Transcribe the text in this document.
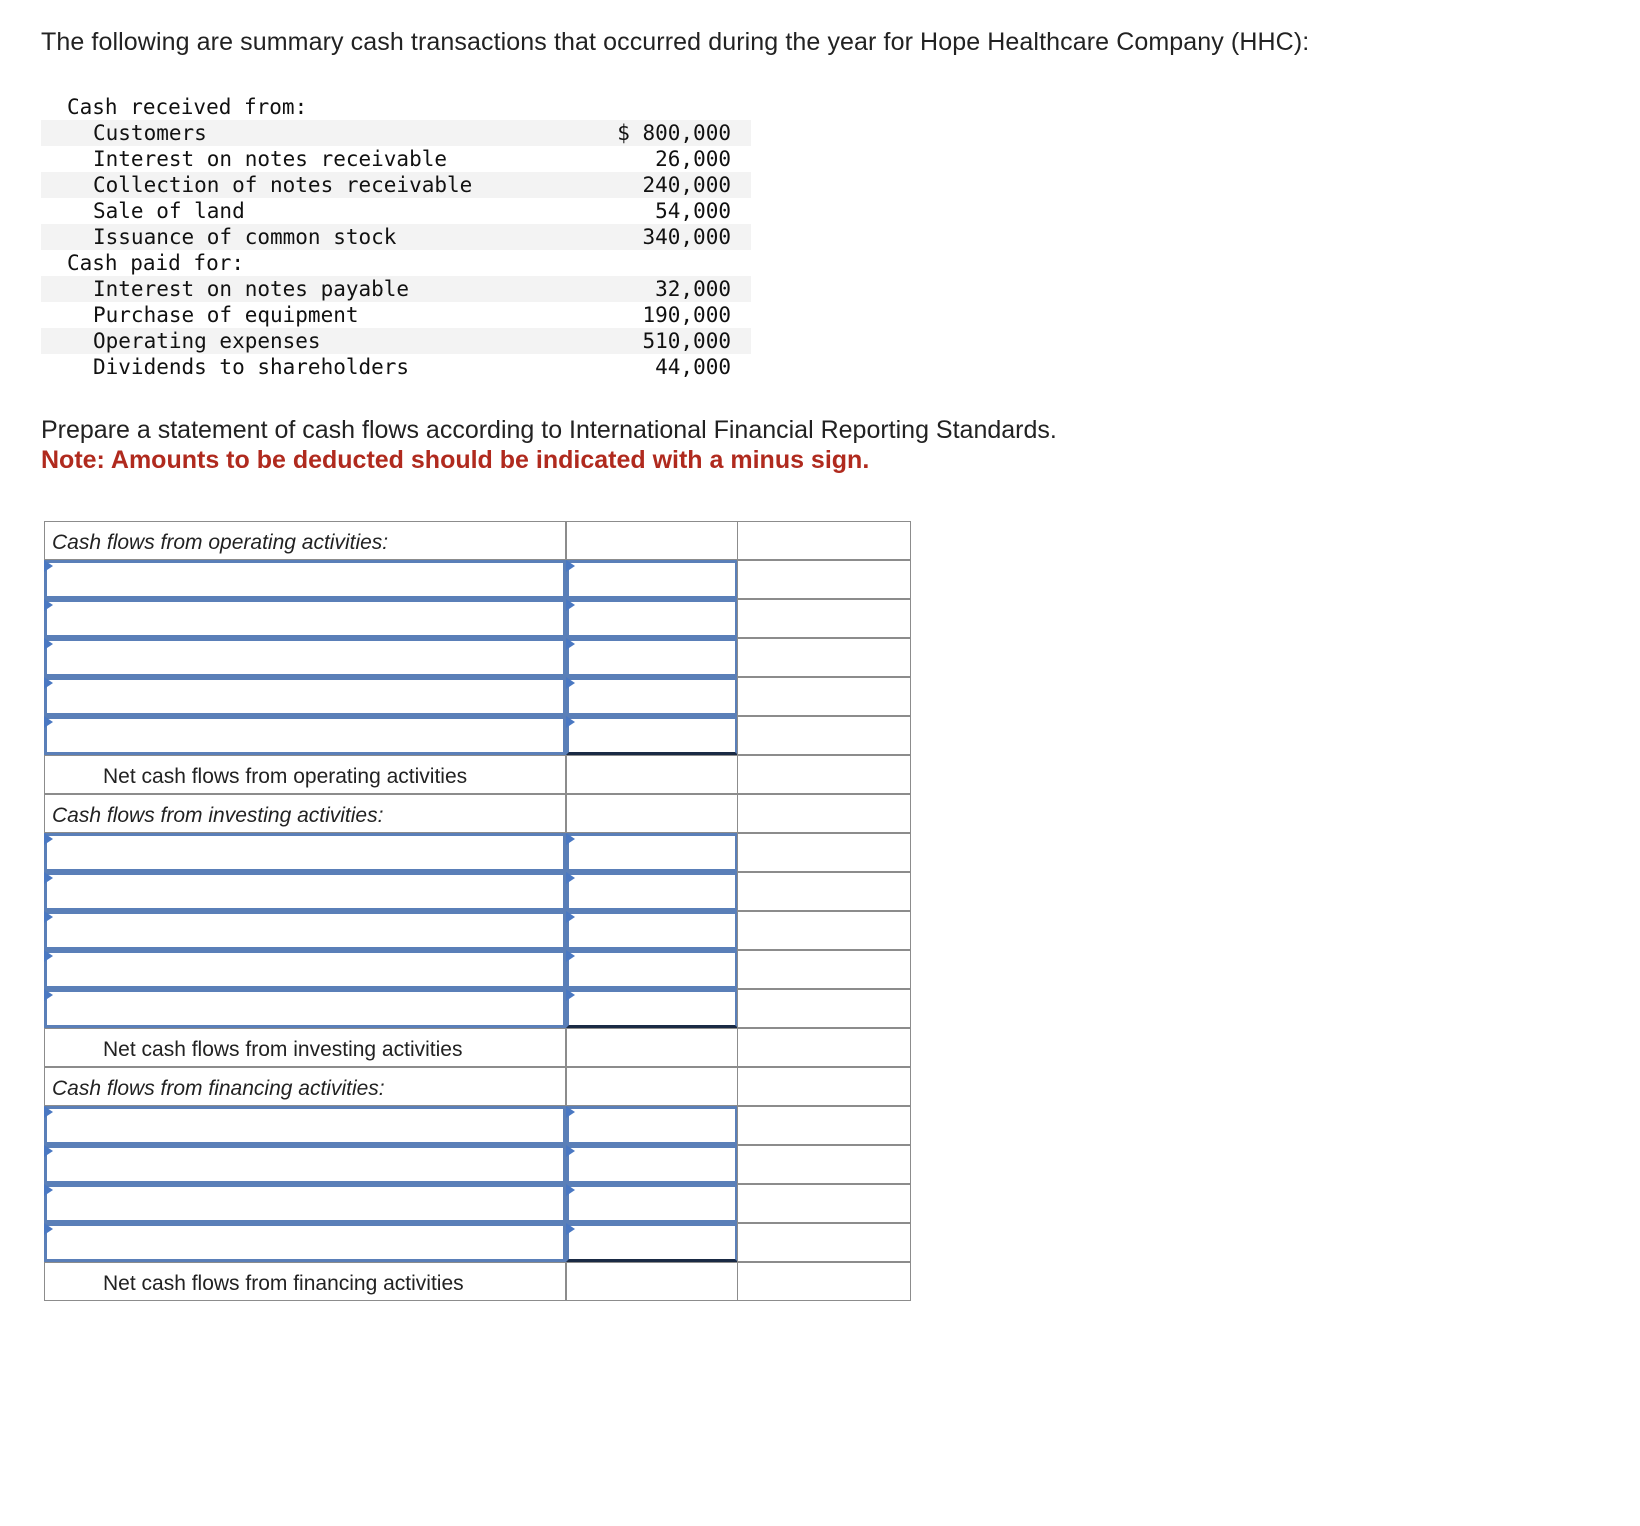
The following are summary cash transactions that occurred during the year for Hope Healthcare Company (HHC):
Cash received from:
Customers	$ 800,000
Interest on notes receivable	26,000
Collection of notes receivable	240,000
Sale of land	54,000
Issuance of common stock	340,000
Cash paid for:
Interest on notes payable	32,000
Purchase of equipment	190,000
Operating expenses	510,000
Dividends to shareholders	44,000
Prepare a statement of cash flows according to International Financial Reporting Standards.
Note: Amounts to be deducted should be indicated with a minus sign.
Cash flows from operating activities:
Net cash flows from operating activities
Cash flows from investing activities:
Net cash flows from investing activities
Cash flows from financing activities:
Net cash flows from financing activities
